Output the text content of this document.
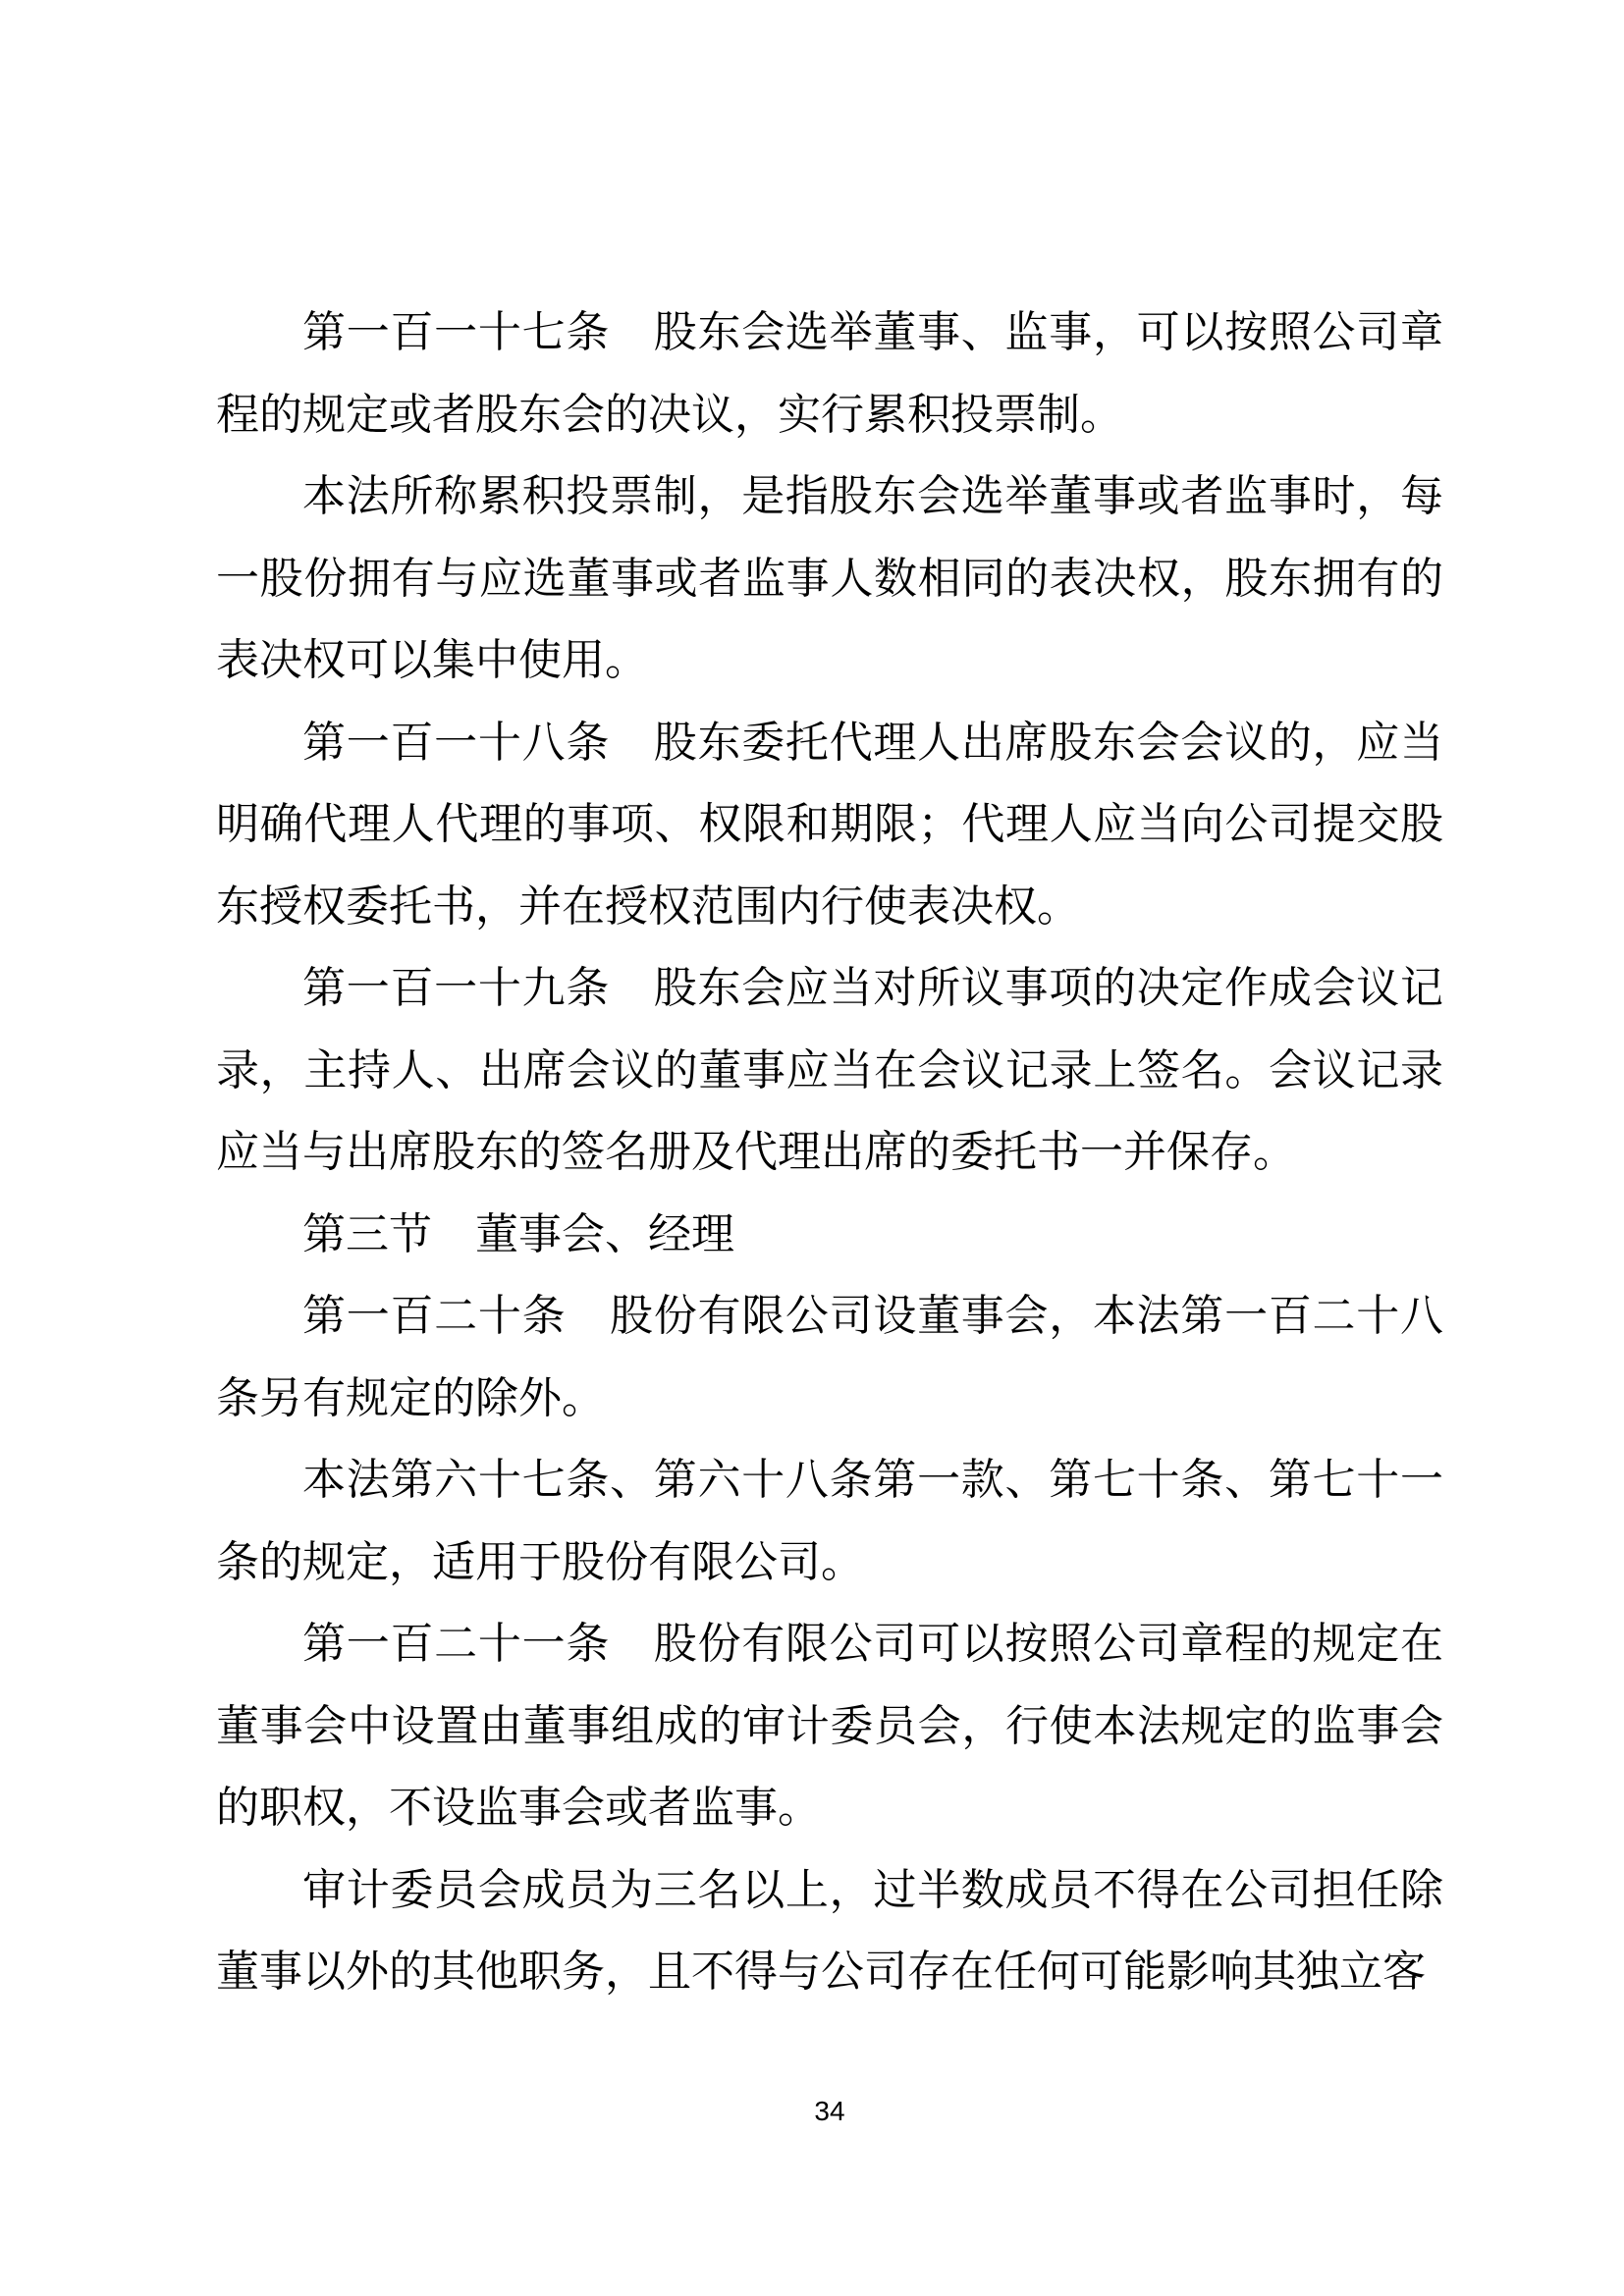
第一百一十七条　股东会选举董事、监事，可以按照公司章程的规定或者股东会的决议，实行累积投票制。

本法所称累积投票制，是指股东会选举董事或者监事时，每一股份拥有与应选董事或者监事人数相同的表决权，股东拥有的表决权可以集中使用。

第一百一十八条　股东委托代理人出席股东会会议的，应当明确代理人代理的事项、权限和期限；代理人应当向公司提交股东授权委托书，并在授权范围内行使表决权。

第一百一十九条　股东会应当对所议事项的决定作成会议记录，主持人、出席会议的董事应当在会议记录上签名。会议记录应当与出席股东的签名册及代理出席的委托书一并保存。

第三节　董事会、经理

第一百二十条　股份有限公司设董事会，本法第一百二十八条另有规定的除外。

本法第六十七条、第六十八条第一款、第七十条、第七十一条的规定，适用于股份有限公司。

第一百二十一条　股份有限公司可以按照公司章程的规定在董事会中设置由董事组成的审计委员会，行使本法规定的监事会的职权，不设监事会或者监事。

审计委员会成员为三名以上，过半数成员不得在公司担任除董事以外的其他职务，且不得与公司存在任何可能影响其独立客

34
